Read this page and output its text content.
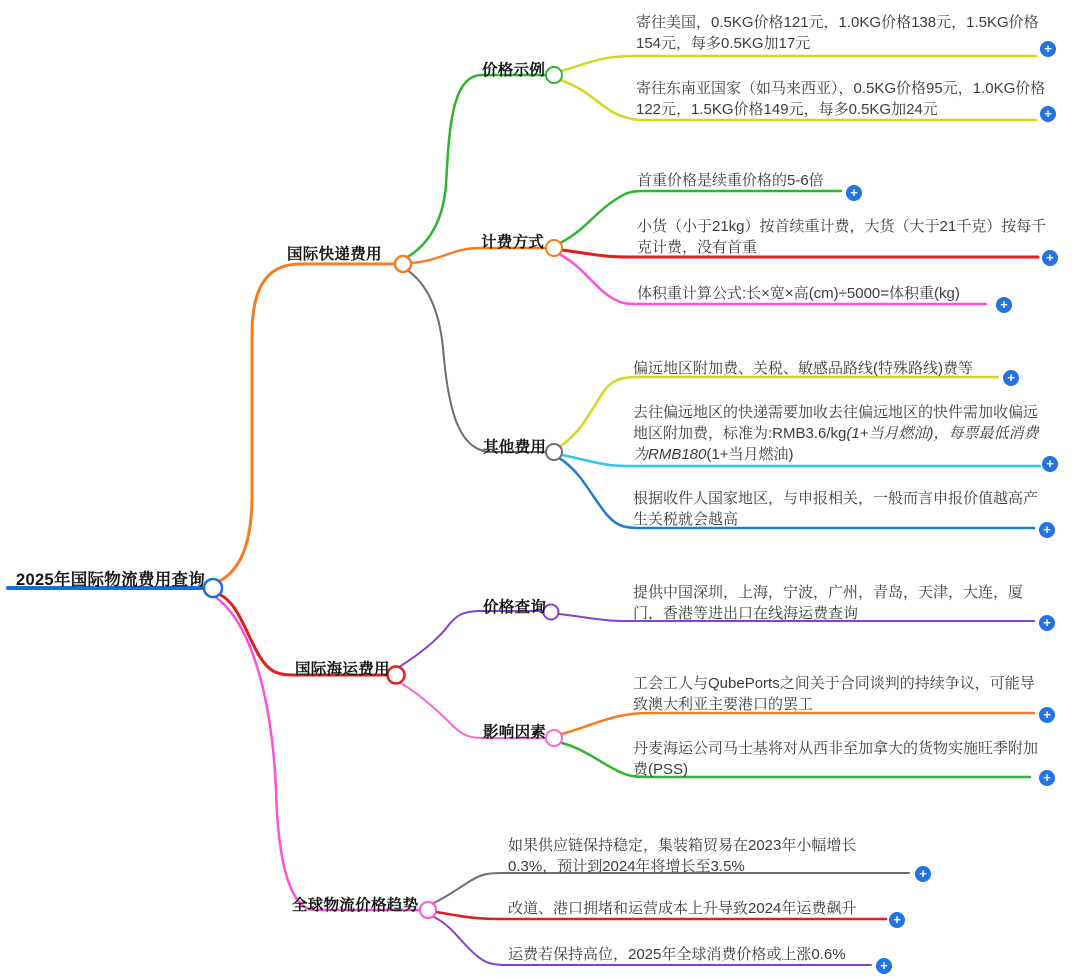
2025年国际物流费用查询
国际快递费用
国际海运费用
全球物流价格趋势
价格示例
计费方式
其他费用
价格查询
影响因素
寄往美国，0.5KG价格121元，1.0KG价格138元，1.5KG价格154元，每多0.5KG加17元
寄往东南亚国家（如马来西亚），0.5KG价格95元，1.0KG价格122元，1.5KG价格149元，每多0.5KG加24元
首重价格是续重价格的5-6倍
小货（小于21kg）按首续重计费，大货（大于21千克）按每千克计费，没有首重
体积重计算公式:长×宽×高(cm)÷5000=体积重(kg)
偏远地区附加费、关税、敏感品路线(特殊路线)费等
去往偏远地区的快递需要加收去往偏远地区的快件需加收偏远地区附加费，标准为:RMB3.6/kg(1+当月燃油)，每票最低消费为RMB180(1+当月燃油)
根据收件人国家地区，与申报相关，一般而言申报价值越高产生关税就会越高
提供中国深圳，上海，宁波，广州，青岛，天津，大连，厦门，香港等进出口在线海运费查询
工会工人与QubePorts之间关于合同谈判的持续争议，可能导致澳大利亚主要港口的罢工
丹麦海运公司马士基将对从西非至加拿大的货物实施旺季附加费(PSS)
如果供应链保持稳定，集装箱贸易在2023年小幅增长0.3%，预计到2024年将增长至3.5%
改道、港口拥堵和运营成本上升导致2024年运费飙升
运费若保持高位，2025年全球消费价格或上涨0.6%
+
+
+
+
+
+
+
+
+
+
+
+
+
+
